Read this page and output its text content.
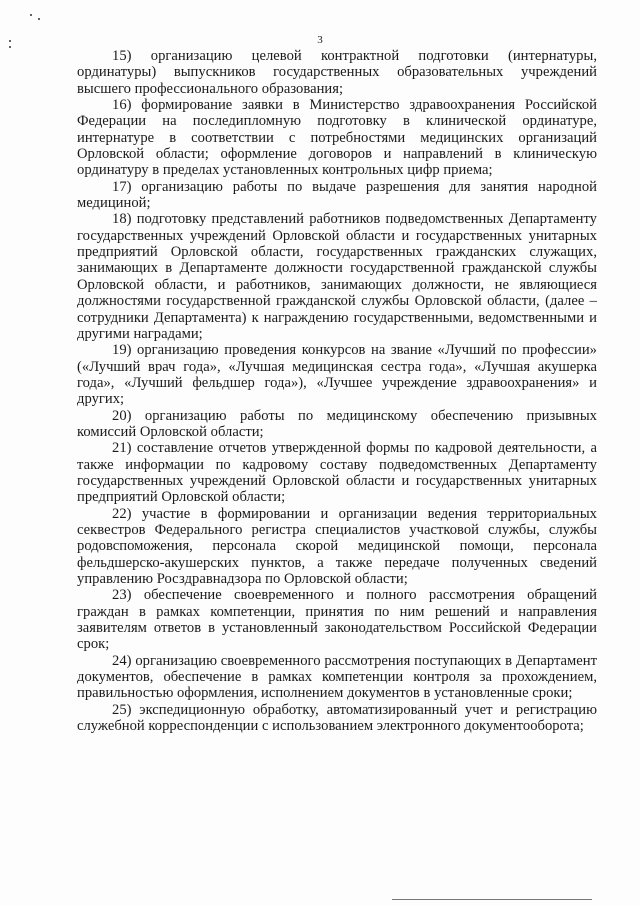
3

15) организацию целевой контрактной подготовки (интернатуры, ординатуры) выпускников государственных образовательных учреждений высшего профессионального образования;

16) формирование заявки в Министерство здравоохранения Российской Федерации на последипломную подготовку в клинической ординатуре, интернатуре в соответствии с потребностями медицинских организаций Орловской области; оформление договоров и направлений в клиническую ординатуру в пределах установленных контрольных цифр приема;

17) организацию работы по выдаче разрешения для занятия народной медициной;

18) подготовку представлений работников подведомственных Департаменту государственных учреждений Орловской области и государственных унитарных предприятий Орловской области, государственных гражданских служащих, занимающих в Департаменте должности государственной гражданской службы Орловской области, и работников, занимающих должности, не являющиеся должностями государственной гражданской службы Орловской области, (далее – сотрудники Департамента) к награждению государственными, ведомственными и другими наградами;

19) организацию проведения конкурсов на звание «Лучший по профессии» («Лучший врач года», «Лучшая медицинская сестра года», «Лучшая акушерка года», «Лучший фельдшер года»), «Лучшее учреждение здравоохранения» и других;

20) организацию работы по медицинскому обеспечению призывных комиссий Орловской области;

21) составление отчетов утвержденной формы по кадровой деятельности, а также информации по кадровому составу подведомственных Департаменту государственных учреждений Орловской области и государственных унитарных предприятий Орловской области;

22) участие в формировании и организации ведения территориальных секвестров Федерального регистра специалистов участковой службы, службы родовспоможения, персонала скорой медицинской помощи, персонала фельдшерско-акушерских пунктов, а также передаче полученных сведений управлению Росздравнадзора по Орловской области;

23) обеспечение своевременного и полного рассмотрения обращений граждан в рамках компетенции, принятия по ним решений и направления заявителям ответов в установленный законодательством Российской Федерации срок;

24) организацию своевременного рассмотрения поступающих в Департамент документов, обеспечение в рамках компетенции контроля за прохождением, правильностью оформления, исполнением документов в установленные сроки;

25) экспедиционную обработку, автоматизированный учет и регистрацию служебной корреспонденции с использованием электронного документооборота;
